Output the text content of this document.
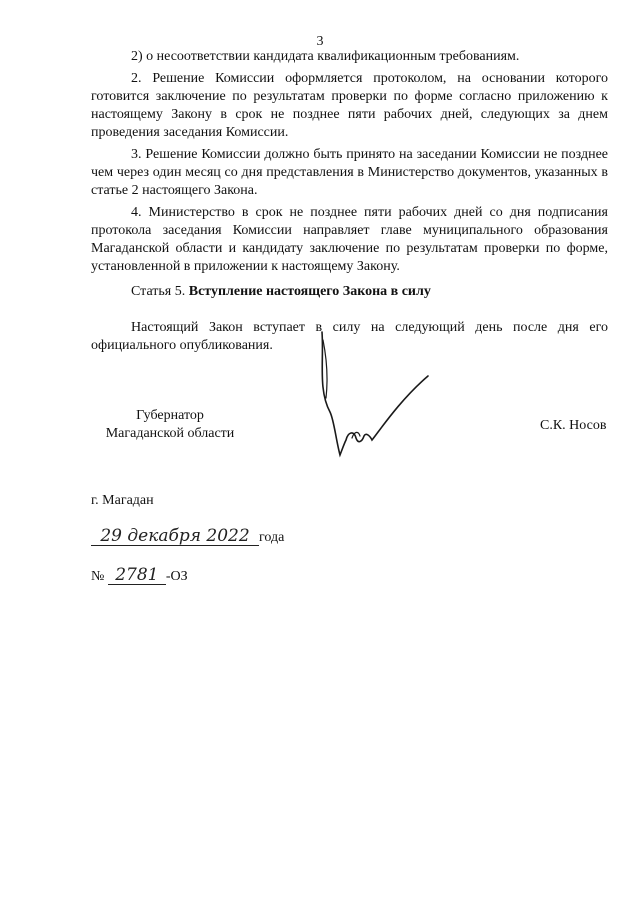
3

2) о несоответствии кандидата квалификационным требованиям.

2. Решение Комиссии оформляется протоколом, на основании которого готовится заключение по результатам проверки по форме согласно приложению к настоящему Закону в срок не позднее пяти рабочих дней, следующих за днем проведения заседания Комиссии.

3. Решение Комиссии должно быть принято на заседании Комиссии не позднее чем через один месяц со дня представления в Министерство документов, указанных в статье 2 настоящего Закона.

4. Министерство в срок не позднее пяти рабочих дней со дня подписания протокола заседания Комиссии направляет главе муниципального образования Магаданской области и кандидату заключение по результатам проверки по форме, установленной в приложении к настоящему Закону.

Статья 5. Вступление настоящего Закона в силу
Настоящий Закон вступает в силу на следующий день после дня его официального опубликования.
Губернатор
Магаданской области
С.К. Носов
г. Магадан
29 декабря 2022 года
№ 2781 -ОЗ
